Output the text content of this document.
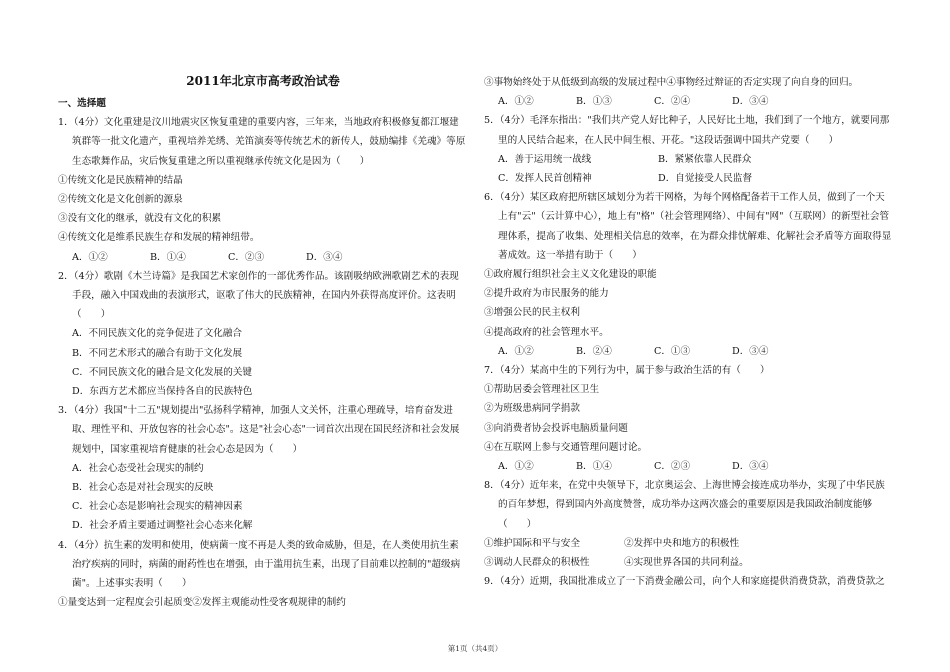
2011年北京市高考政治试卷

一、选择题

1．（4分）文化重建是汶川地震灾区恢复重建的重要内容，三年来，当地政府积极修复都江堰建筑群等一批文化遗产，重视培养羌绣、羌笛演奏等传统艺术的新传人，鼓励编排《羌魂》等原生态歌舞作品，灾后恢复重建之所以重视继承传统文化是因为（　　）

①传统文化是民族精神的结晶

②传统文化是文化创新的源泉

③没有文化的继承，就没有文化的积累

④传统文化是维系民族生存和发展的精神纽带。

A．①②	B．①④	C．②③	D．③④

2．（4分）歌剧《木兰诗篇》是我国艺术家创作的一部优秀作品。该剧吸纳欧洲歌剧艺术的表现手段，融入中国戏曲的表演形式，讴歌了伟大的民族精神，在国内外获得高度评价。这表明（　　）

A．不同民族文化的竞争促进了文化融合

B．不同艺术形式的融合有助于文化发展

C．不同民族文化的融合是文化发展的关键

D．东西方艺术都应当保持各自的民族特色

3．（4分）我国"十二五"规划提出"弘扬科学精神，加强人文关怀，注重心理疏导，培育奋发进取、理性平和、开放包容的社会心态"。这是"社会心态"一词首次出现在国民经济和社会发展规划中，国家重视培育健康的社会心态是因为（　　）

A．社会心态受社会现实的制约

B．社会心态是对社会现实的反映

C．社会心态是影响社会现实的精神因素

D．社会矛盾主要通过调整社会心态来化解

4．（4分）抗生素的发明和使用，使病菌一度不再是人类的致命威胁，但是，在人类使用抗生素治疗疾病的同时，病菌的耐药性也在增强，由于滥用抗生素，出现了目前难以控制的"超级病菌"。上述事实表明（　　）

①量变达到一定程度会引起质变②发挥主观能动性受客观规律的制约

③事物始终处于从低级到高级的发展过程中④事物经过辩证的否定实现了向自身的回归。

A．①②	B．①③	C．②④	D．③④

5．（4分）毛泽东指出："我们共产党人好比种子，人民好比土地，我们到了一个地方，就要同那里的人民结合起来，在人民中间生根、开花。"这段话强调中国共产党要（　　）

A．善于运用统一战线	B．紧紧依靠人民群众
C．发挥人民首创精神	D．自觉接受人民监督

6．（4分）某区政府把所辖区域划分为若干网格，为每个网格配备若干工作人员，做到了一个天上有"云"（云计算中心），地上有"格"（社会管理网络）、中间有"网"（互联网）的新型社会管理体系，提高了收集、处理相关信息的效率，在为群众排忧解难、化解社会矛盾等方面取得显著成效。这一举措有助于（　　）

①政府履行组织社会主义文化建设的职能

②提升政府为市民服务的能力

③增强公民的民主权利

④提高政府的社会管理水平。

A．①②	B．②④	C．①③	D．③④

7．（4分）某高中生的下列行为中，属于参与政治生活的有（　　）

①帮助居委会管理社区卫生

②为班级患病同学捐款

③向消费者协会投诉电脑质量问题

④在互联网上参与交通管理问题讨论。

A．①②	B．①④	C．②③	D．③④

8．（4分）近年来，在党中央领导下，北京奥运会、上海世博会接连成功举办，实现了中华民族的百年梦想，得到国内外高度赞誉，成功举办这两次盛会的重要原因是我国政治制度能够（　　）

①维护国际和平与安全	②发挥中央和地方的积极性
③调动人民群众的积极性	④实现世界各国的共同利益。

9．（4分）近期，我国批准成立了一下消费金融公司，向个人和家庭提供消费贷款，消费贷款之

第1页（共4页）
